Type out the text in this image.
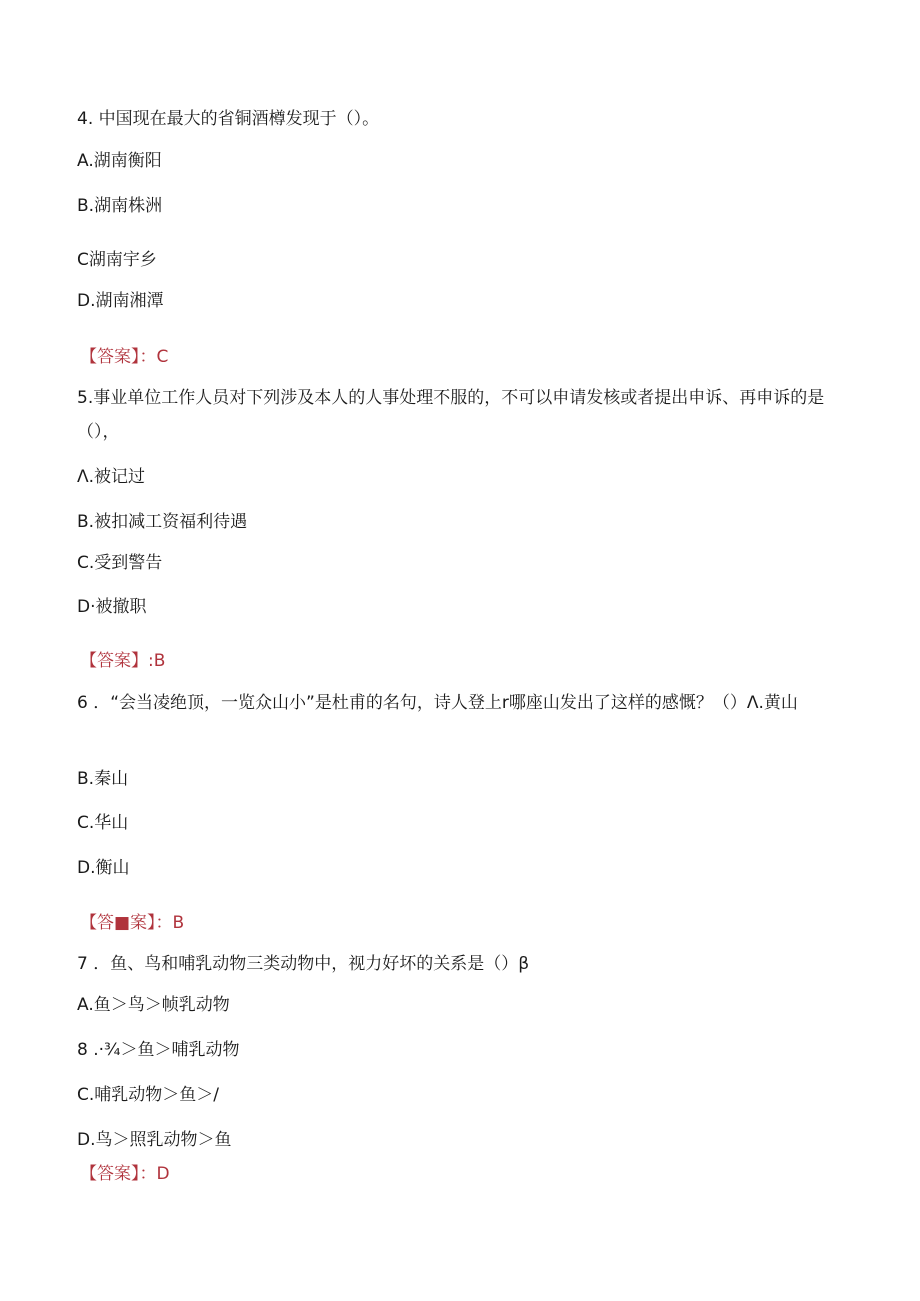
4. 中国现在最大的省铜酒樽发现于（）。
A.湖南衡阳
B.湖南株洲
C湖南宇乡
D.湖南湘潭
【答案】：C
5.事业单位工作人员对下列涉及本人的人事处理不服的，不可以申请发核或者提出申诉、再申诉的是（），
Λ.被记过
B.被扣减工资福利待遇
C.受到警告
D·被撤职
【答案】:B
6 ．“会当凌绝顶，一览众山小”是杜甫的名句，诗人登上r哪座山发出了这样的感慨？（）Λ.黄山
B.秦山
C.华山
D.衡山
【答■案】：B
7 ．鱼、鸟和哺乳动物三类动物中，视力好坏的关系是（）β
A.鱼＞鸟＞帧乳动物
8 .·¾＞鱼＞哺乳动物
C.哺乳动物＞鱼＞/
D.鸟＞照乳动物＞鱼
【答案】：D
